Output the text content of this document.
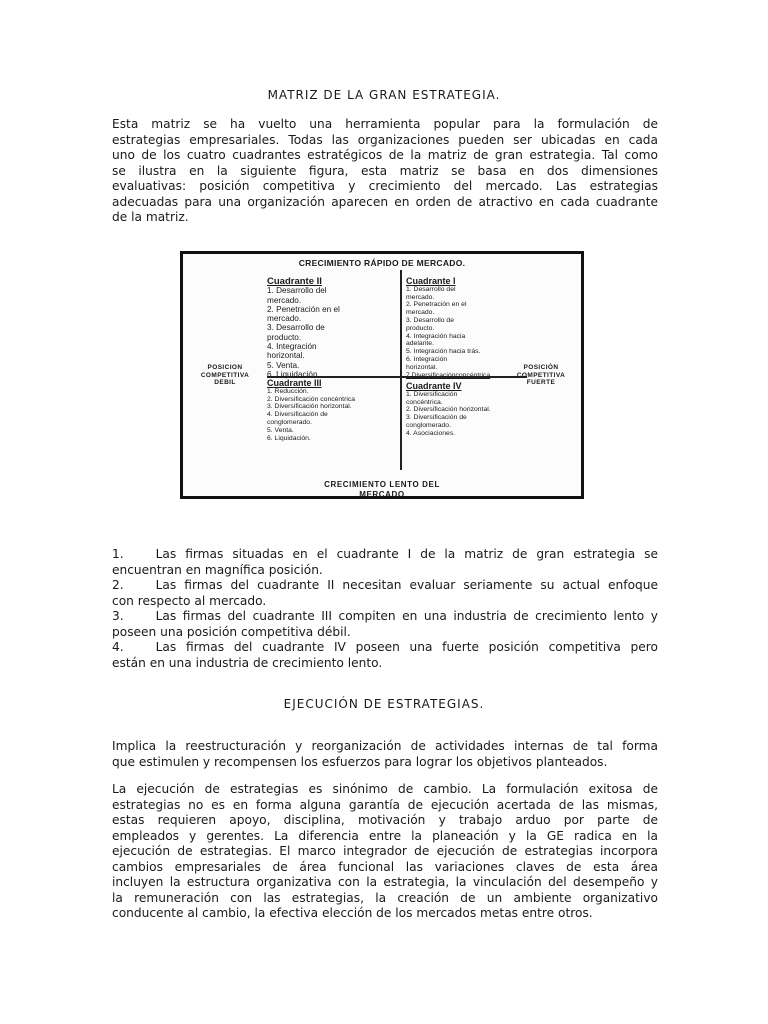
MATRIZ DE LA GRAN ESTRATEGIA.
Esta matriz se ha vuelto una herramienta popular para la formulación de
estrategias empresariales. Todas las organizaciones pueden ser ubicadas en cada
uno de los cuatro cuadrantes estratégicos de la matriz de gran estrategia. Tal como
se ilustra en la siguiente figura, esta matriz se basa en dos dimensiones
evaluativas: posición competitiva y crecimiento del mercado. Las estrategias
adecuadas para una organización aparecen en orden de atractivo en cada cuadrante
de la matriz.
CRECIMIENTO RÁPIDO DE MERCADO.
POSICION
COMPETITIVA
DEBIL
POSICIÓN
COMPETITIVA
FUERTE
Cuadrante II
1. Desarrollo del
mercado.
2. Penetración en el
mercado.
3. Desarrollo de
producto.
4. Integración
horizontal.
5. Venta.
6. Liquidación.
Cuadrante I
1. Desarrollo del
mercado.
2. Penetración en el
mercado.
3. Desarrollo de
producto.
4. Integración hacia
adelante.
5. Integración hacia trás.
6. Integración
horizontal.
7.Diversificaciónconcéntrica
Cuadrante III
1. Reducción.
2. Diversificación concéntrica
3. Diversificación horizontal.
4. Diversificación de
conglomerado.
5. Venta.
6. Liquidación.
Cuadrante IV
1. Diversificación
concéntrica.
2. Diversificación horizontal.
3. Diversificación de
conglomerado.
4. Asociaciones.
CRECIMIENTO LENTO DEL
MERCADO
1.	Las firmas situadas en el cuadrante I de la matriz de gran estrategia se
encuentran en magnífica posición.
2.	Las firmas del cuadrante II necesitan evaluar seriamente su actual enfoque
con respecto al mercado.
3.	Las firmas del cuadrante III compiten en una industria de crecimiento lento y
poseen una posición competitiva débil.
4.	Las firmas del cuadrante IV poseen una fuerte posición competitiva pero
están en una industria de crecimiento lento.
EJECUCIÓN DE ESTRATEGIAS.
Implica la reestructuración y reorganización de actividades internas de tal forma
que estimulen y recompensen los esfuerzos para lograr los objetivos planteados.
La ejecución de estrategias es sinónimo de cambio. La formulación exitosa de
estrategias no es en forma alguna garantía de ejecución acertada de las mismas,
estas requieren apoyo, disciplina, motivación y trabajo arduo por parte de
empleados y gerentes. La diferencia entre la planeación y la GE radica en la
ejecución de estrategias. El marco integrador de ejecución de estrategias incorpora
cambios empresariales de área funcional las variaciones claves de esta área
incluyen la estructura organizativa con la estrategia, la vinculación del desempeño y
la remuneración con las estrategias, la creación de un ambiente organizativo
conducente al cambio, la efectiva elección de los mercados metas entre otros.
